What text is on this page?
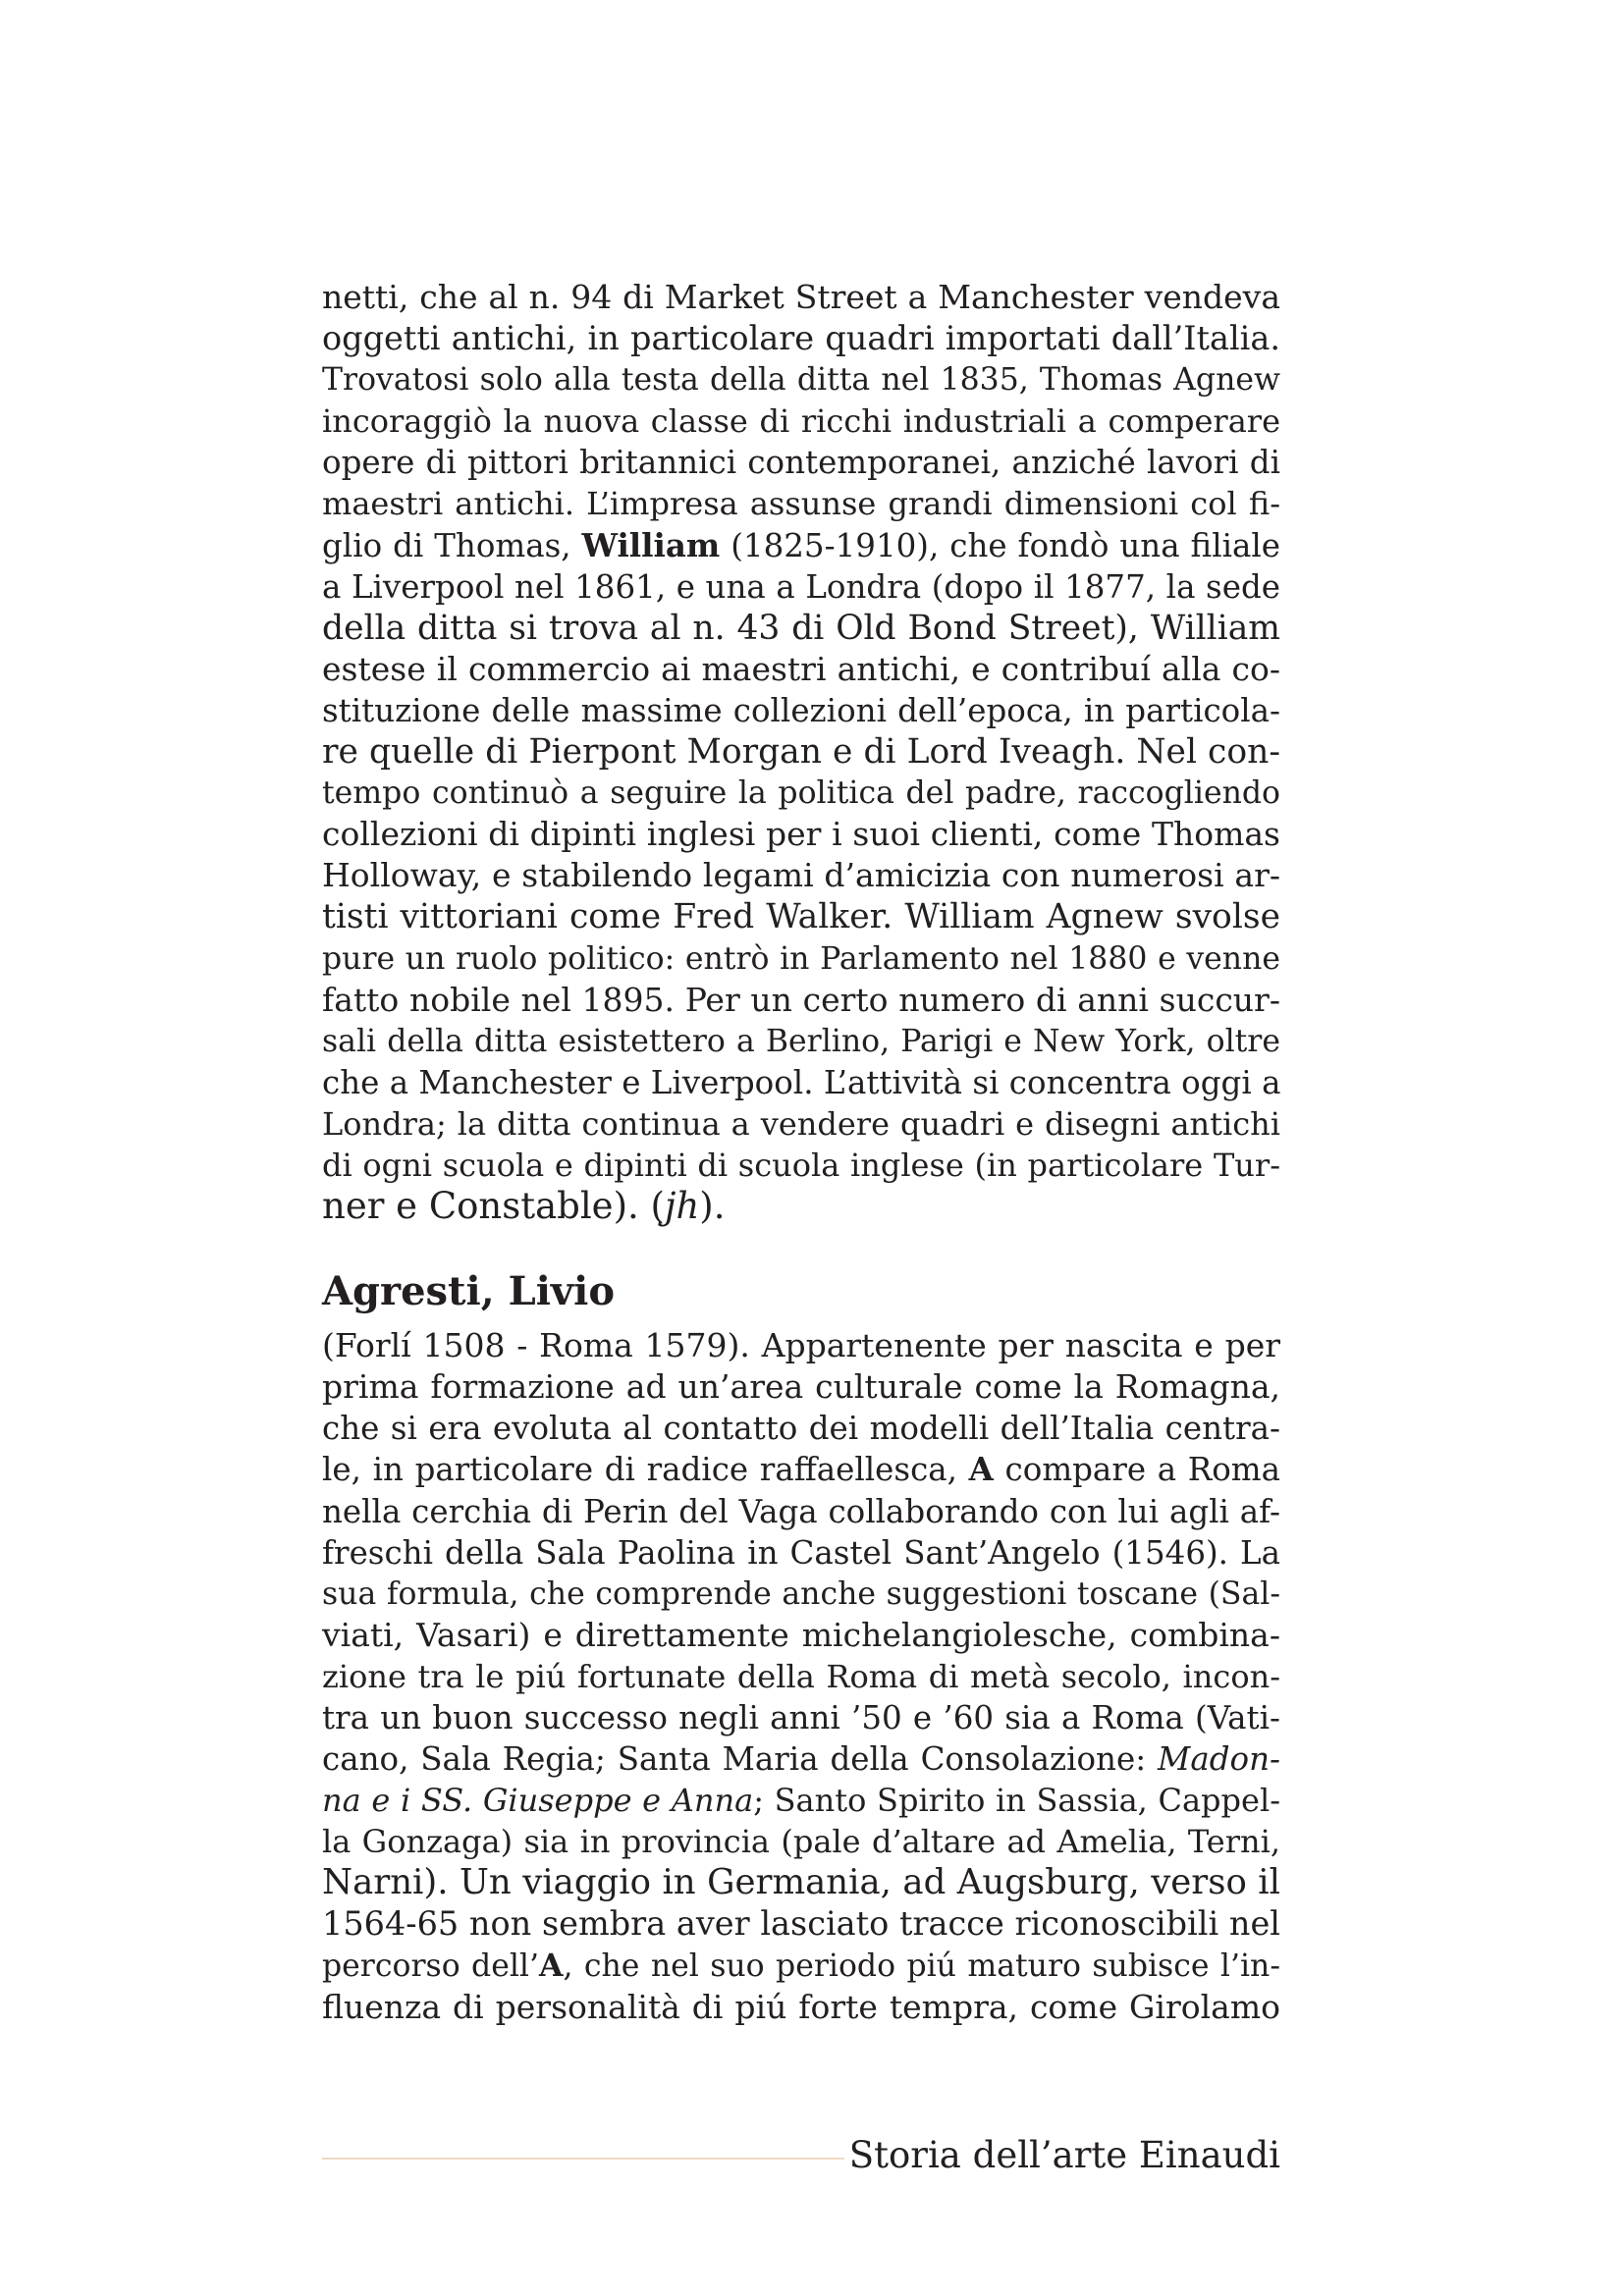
netti, che al n. 94 di Market Street a Manchester vendeva
oggetti antichi, in particolare quadri importati dall’Italia.
Trovatosi solo alla testa della ditta nel 1835, Thomas Agnew
incoraggiò la nuova classe di ricchi industriali a comperare
opere di pittori britannici contemporanei, anziché lavori di
maestri antichi. L’impresa assunse grandi dimensioni col fi-
glio di Thomas, William (1825-1910), che fondò una filiale
a Liverpool nel 1861, e una a Londra (dopo il 1877, la sede
della ditta si trova al n. 43 di Old Bond Street), William
estese il commercio ai maestri antichi, e contribuí alla co-
stituzione delle massime collezioni dell’epoca, in particola-
re quelle di Pierpont Morgan e di Lord Iveagh. Nel con-
tempo continuò a seguire la politica del padre, raccogliendo
collezioni di dipinti inglesi per i suoi clienti, come Thomas
Holloway, e stabilendo legami d’amicizia con numerosi ar-
tisti vittoriani come Fred Walker. William Agnew svolse
pure un ruolo politico: entrò in Parlamento nel 1880 e venne
fatto nobile nel 1895. Per un certo numero di anni succur-
sali della ditta esistettero a Berlino, Parigi e New York, oltre
che a Manchester e Liverpool. L’attività si concentra oggi a
Londra; la ditta continua a vendere quadri e disegni antichi
di ogni scuola e dipinti di scuola inglese (in particolare Tur-
ner e Constable). (jh).
Agresti, Livio
(Forlí 1508 - Roma 1579). Appartenente per nascita e per
prima formazione ad un’area culturale come la Romagna,
che si era evoluta al contatto dei modelli dell’Italia centra-
le, in particolare di radice raffaellesca, A compare a Roma
nella cerchia di Perin del Vaga collaborando con lui agli af-
freschi della Sala Paolina in Castel Sant’Angelo (1546). La
sua formula, che comprende anche suggestioni toscane (Sal-
viati, Vasari) e direttamente michelangiolesche, combina-
zione tra le piú fortunate della Roma di metà secolo, incon-
tra un buon successo negli anni ’50 e ’60 sia a Roma (Vati-
cano, Sala Regia; Santa Maria della Consolazione: Madon-
na e i SS. Giuseppe e Anna; Santo Spirito in Sassia, Cappel-
la Gonzaga) sia in provincia (pale d’altare ad Amelia, Terni,
Narni). Un viaggio in Germania, ad Augsburg, verso il
1564-65 non sembra aver lasciato tracce riconoscibili nel
percorso dell’A, che nel suo periodo piú maturo subisce l’in-
fluenza di personalità di piú forte tempra, come Girolamo
Storia dell’arte Einaudi
